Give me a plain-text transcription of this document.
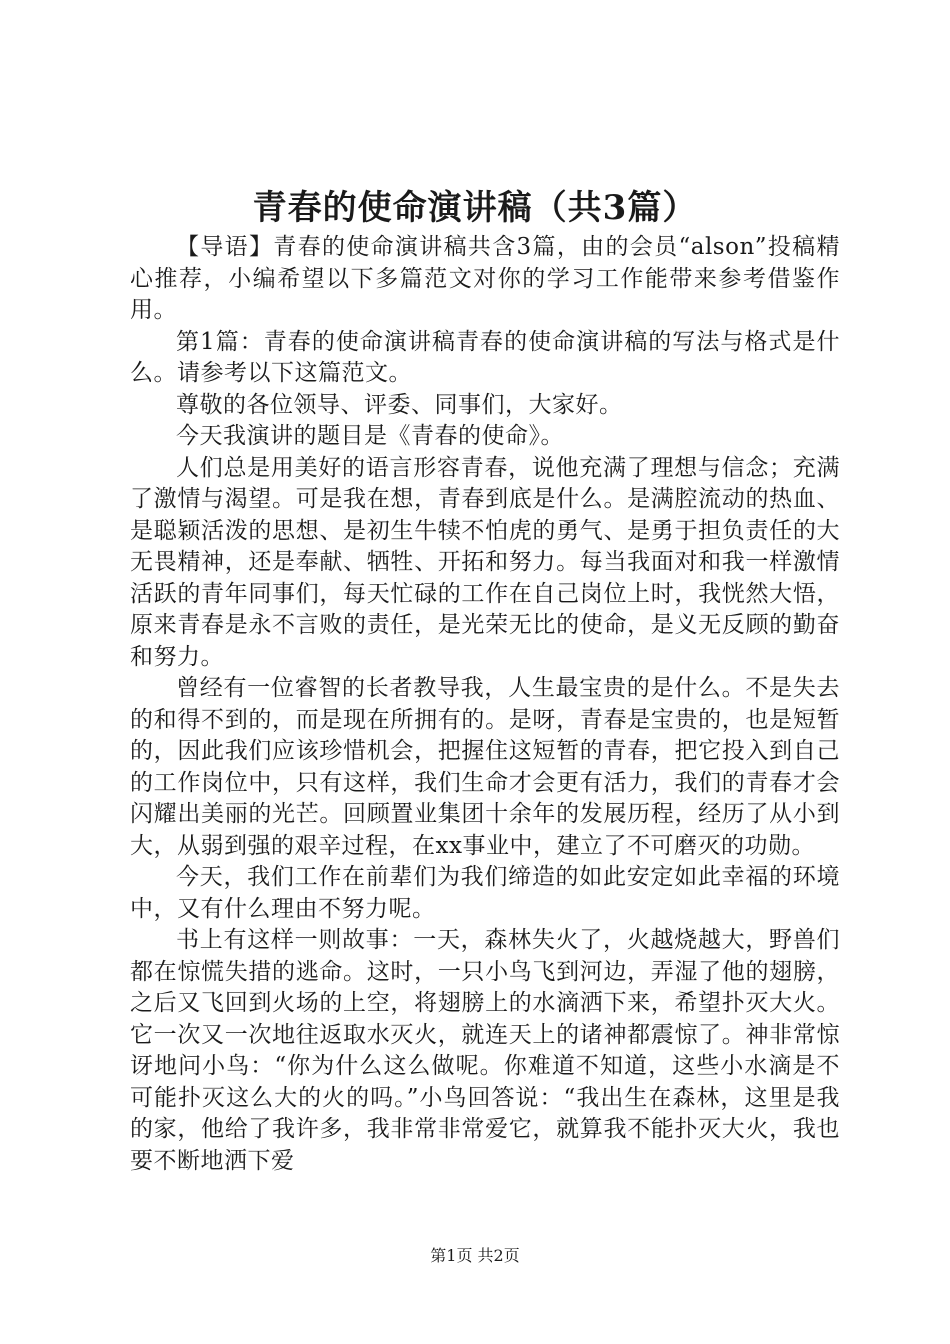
青春的使命演讲稿（共3篇）

【导语】青春的使命演讲稿共含3篇，由的会员“alson”投稿精心推荐，小编希望以下多篇范文对你的学习工作能带来参考借鉴作用。

第1篇：青春的使命演讲稿青春的使命演讲稿的写法与格式是什么。请参考以下这篇范文。

尊敬的各位领导、评委、同事们，大家好。

今天我演讲的题目是《青春的使命》。

人们总是用美好的语言形容青春，说他充满了理想与信念；充满了激情与渴望。可是我在想，青春到底是什么。是满腔流动的热血、是聪颖活泼的思想、是初生牛犊不怕虎的勇气、是勇于担负责任的大无畏精神，还是奉献、牺牲、开拓和努力。每当我面对和我一样激情活跃的青年同事们，每天忙碌的工作在自己岗位上时，我恍然大悟，原来青春是永不言败的责任，是光荣无比的使命，是义无反顾的勤奋和努力。

曾经有一位睿智的长者教导我，人生最宝贵的是什么。不是失去的和得不到的，而是现在所拥有的。是呀，青春是宝贵的，也是短暂的，因此我们应该珍惜机会，把握住这短暂的青春，把它投入到自己的工作岗位中，只有这样，我们生命才会更有活力，我们的青春才会闪耀出美丽的光芒。回顾置业集团十余年的发展历程，经历了从小到大，从弱到强的艰辛过程，在xx事业中，建立了不可磨灭的功勋。

今天，我们工作在前辈们为我们缔造的如此安定如此幸福的环境中，又有什么理由不努力呢。

书上有这样一则故事：一天，森林失火了，火越烧越大，野兽们都在惊慌失措的逃命。这时，一只小鸟飞到河边，弄湿了他的翅膀，之后又飞回到火场的上空，将翅膀上的水滴洒下来，希望扑灭大火。它一次又一次地往返取水灭火，就连天上的诸神都震惊了。神非常惊讶地问小鸟：“你为什么这么做呢。你难道不知道，这些小水滴是不可能扑灭这么大的火的吗。”小鸟回答说：“我出生在森林，这里是我的家，他给了我许多，我非常非常爱它，就算我不能扑灭大火，我也要不断地洒下爱

第1页 共2页
